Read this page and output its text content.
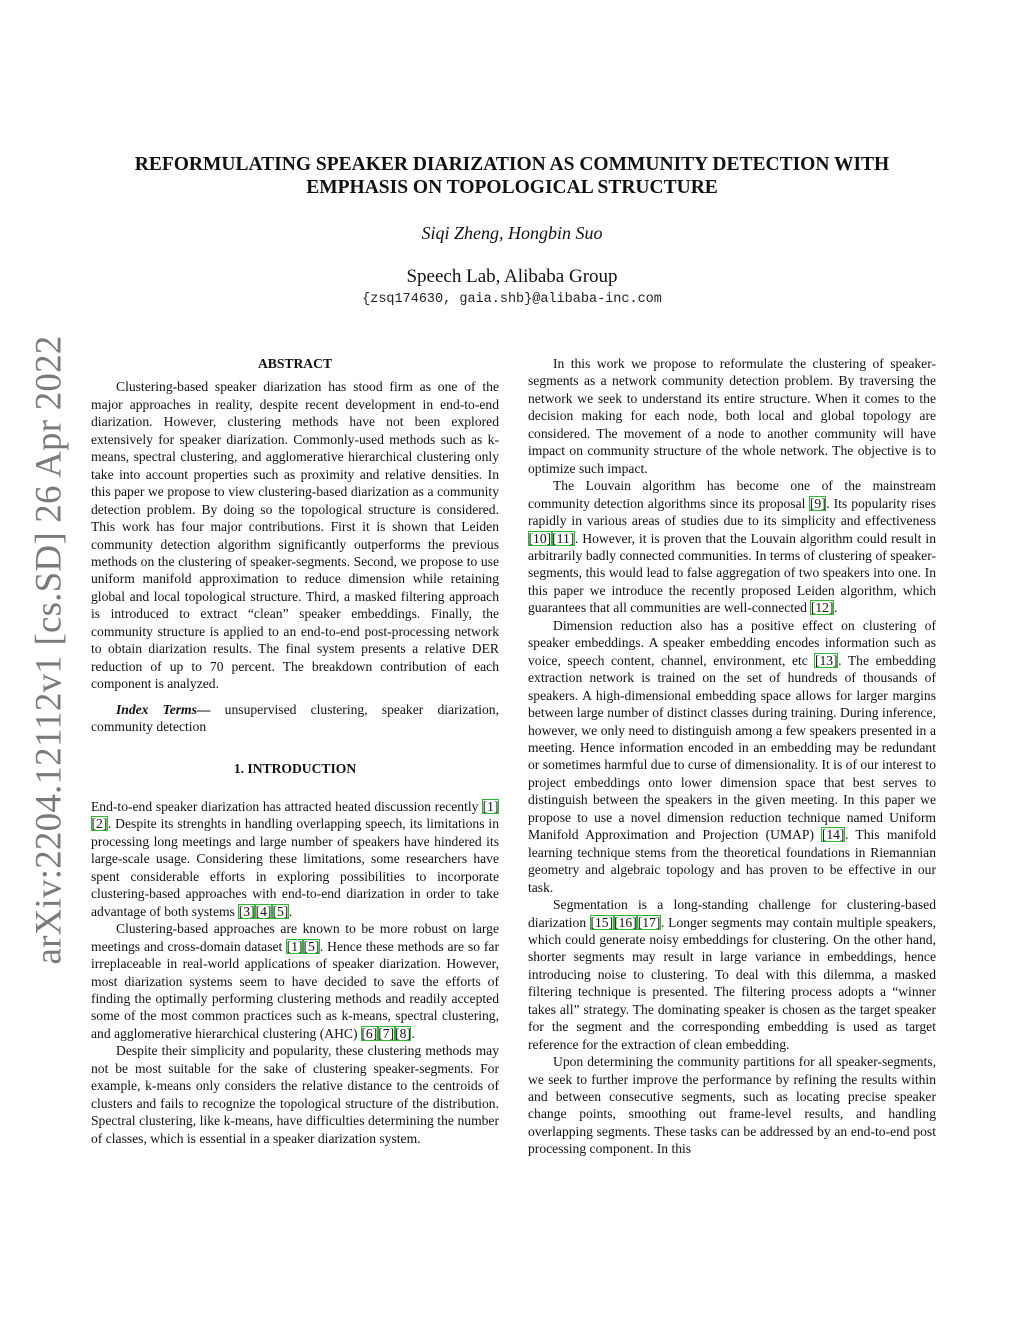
arXiv:2204.12112v1 [cs.SD] 26 Apr 2022
REFORMULATING SPEAKER DIARIZATION AS COMMUNITY DETECTION WITH
EMPHASIS ON TOPOLOGICAL STRUCTURE
Siqi Zheng, Hongbin Suo
Speech Lab, Alibaba Group
{zsq174630, gaia.shb}@alibaba-inc.com

ABSTRACT

Clustering-based speaker diarization has stood firm as one of the major approaches in reality, despite recent development in end-to-end diarization. However, clustering methods have not been explored extensively for speaker diarization. Commonly-used methods such as k-means, spectral clustering, and agglomerative hierarchical clustering only take into account properties such as proximity and relative densities. In this paper we propose to view clustering-based diarization as a community detection problem. By doing so the topological structure is considered. This work has four major contributions. First it is shown that Leiden community detection algorithm significantly outperforms the previous methods on the clustering of speaker-segments. Second, we propose to use uniform manifold approximation to reduce dimension while retaining global and local topological structure. Third, a masked filtering approach is introduced to extract “clean” speaker embeddings. Finally, the community structure is applied to an end-to-end post-processing network to obtain diarization results. The final system presents a relative DER reduction of up to 70 percent. The breakdown contribution of each component is analyzed.

Index Terms— unsupervised clustering, speaker diarization, community detection

1. INTRODUCTION

End-to-end speaker diarization has attracted heated discussion recently [1][2]. Despite its strenghts in handling overlapping speech, its limitations in processing long meetings and large number of speakers have hindered its large-scale usage. Considering these limitations, some researchers have spent considerable efforts in exploring possibilities to incorporate clustering-based approaches with end-to-end diarization in order to take advantage of both systems [3][4][5].

Clustering-based approaches are known to be more robust on large meetings and cross-domain dataset [1][5]. Hence these methods are so far irreplaceable in real-world applications of speaker diarization. However, most diarization systems seem to have decided to save the efforts of finding the optimally performing clustering methods and readily accepted some of the most common practices such as k-means, spectral clustering, and agglomerative hierarchical clustering (AHC) [6][7][8].

Despite their simplicity and popularity, these clustering methods may not be most suitable for the sake of clustering speaker-segments. For example, k-means only considers the relative distance to the centroids of clusters and fails to recognize the topological structure of the distribution. Spectral clustering, like k-means, have difficulties determining the number of classes, which is essential in a speaker diarization system.

In this work we propose to reformulate the clustering of speaker-segments as a network community detection problem. By traversing the network we seek to understand its entire structure. When it comes to the decision making for each node, both local and global topology are considered. The movement of a node to another community will have impact on community structure of the whole network. The objective is to optimize such impact.

The Louvain algorithm has become one of the mainstream community detection algorithms since its proposal [9]. Its popularity rises rapidly in various areas of studies due to its simplicity and effectiveness [10][11]. However, it is proven that the Louvain algorithm could result in arbitrarily badly connected communities. In terms of clustering of speaker-segments, this would lead to false aggregation of two speakers into one. In this paper we introduce the recently proposed Leiden algorithm, which guarantees that all communities are well-connected [12].

Dimension reduction also has a positive effect on clustering of speaker embeddings. A speaker embedding encodes information such as voice, speech content, channel, environment, etc [13]. The embedding extraction network is trained on the set of hundreds of thousands of speakers. A high-dimensional embedding space allows for larger margins between large number of distinct classes during training. During inference, however, we only need to distinguish among a few speakers presented in a meeting. Hence information encoded in an embedding may be redundant or sometimes harmful due to curse of dimensionality. It is of our interest to project embeddings onto lower dimension space that best serves to distinguish between the speakers in the given meeting. In this paper we propose to use a novel dimension reduction technique named Uniform Manifold Approximation and Projection (UMAP) [14]. This manifold learning technique stems from the theoretical foundations in Riemannian geometry and algebraic topology and has proven to be effective in our task.

Segmentation is a long-standing challenge for clustering-based diarization [15][16][17]. Longer segments may contain multiple speakers, which could generate noisy embeddings for clustering. On the other hand, shorter segments may result in large variance in embeddings, hence introducing noise to clustering. To deal with this dilemma, a masked filtering technique is presented. The filtering process adopts a “winner takes all” strategy. The dominating speaker is chosen as the target speaker for the segment and the corresponding embedding is used as target reference for the extraction of clean embedding.

Upon determining the community partitions for all speaker-segments, we seek to further improve the performance by refining the results within and between consecutive segments, such as locating precise speaker change points, smoothing out frame-level results, and handling overlapping segments. These tasks can be addressed by an end-to-end post processing component. In this
